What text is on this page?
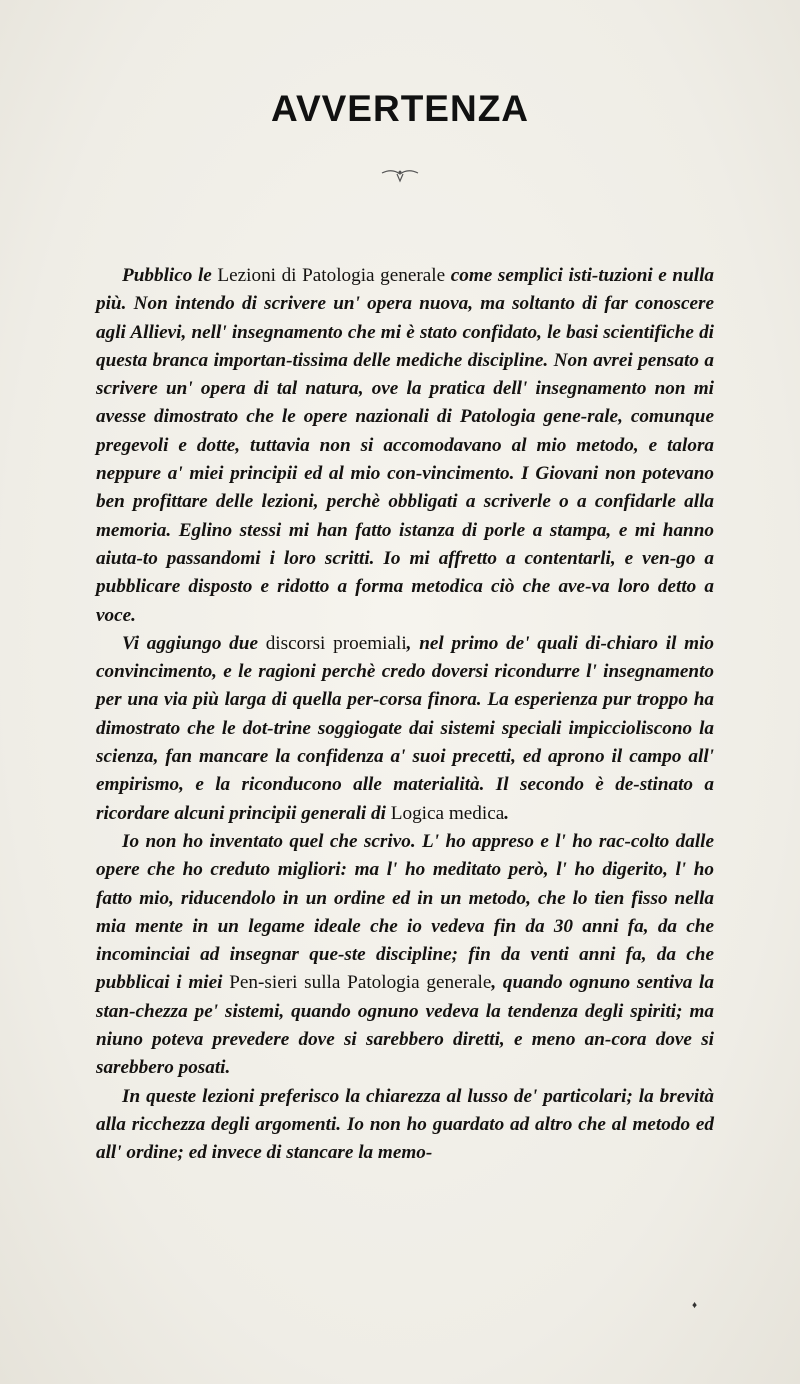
AVVERTENZA

Pubblico le Lezioni di Patologia generale come semplici isti-tuzioni e nulla più. Non intendo di scrivere un' opera nuova, ma soltanto di far conoscere agli Allievi, nell' insegnamento che mi è stato confidato, le basi scientifiche di questa branca importan-tissima delle mediche discipline. Non avrei pensato a scrivere un' opera di tal natura, ove la pratica dell' insegnamento non mi avesse dimostrato che le opere nazionali di Patologia gene-rale, comunque pregevoli e dotte, tuttavia non si accomodavano al mio metodo, e talora neppure a' miei principii ed al mio con-vincimento. I Giovani non potevano ben profittare delle lezioni, perchè obbligati a scriverle o a confidarle alla memoria. Eglino stessi mi han fatto istanza di porle a stampa, e mi hanno aiuta-to passandomi i loro scritti. Io mi affretto a contentarli, e ven-go a pubblicare disposto e ridotto a forma metodica ciò che ave-va loro detto a voce.

Vi aggiungo due discorsi proemiali, nel primo de' quali di-chiaro il mio convincimento, e le ragioni perchè credo doversi ricondurre l' insegnamento per una via più larga di quella per-corsa finora. La esperienza pur troppo ha dimostrato che le dot-trine soggiogate dai sistemi speciali impiccioliscono la scienza, fan mancare la confidenza a' suoi precetti, ed aprono il campo all' empirismo, e la riconducono alle materialità. Il secondo è de-stinato a ricordare alcuni principii generali di Logica medica.

Io non ho inventato quel che scrivo. L' ho appreso e l' ho rac-colto dalle opere che ho creduto migliori: ma l' ho meditato però, l' ho digerito, l' ho fatto mio, riducendolo in un ordine ed in un metodo, che lo tien fisso nella mia mente in un legame ideale che io vedeva fin da 30 anni fa, da che incominciai ad insegnar que-ste discipline; fin da venti anni fa, da che pubblicai i miei Pen-sieri sulla Patologia generale, quando ognuno sentiva la stan-chezza pe' sistemi, quando ognuno vedeva la tendenza degli spiriti; ma niuno poteva prevedere dove si sarebbero diretti, e meno an-cora dove si sarebbero posati.

In queste lezioni preferisco la chiarezza al lusso de' particolari; la brevità alla ricchezza degli argomenti. Io non ho guardato ad altro che al metodo ed all' ordine; ed invece di stancare la memo-

♦
